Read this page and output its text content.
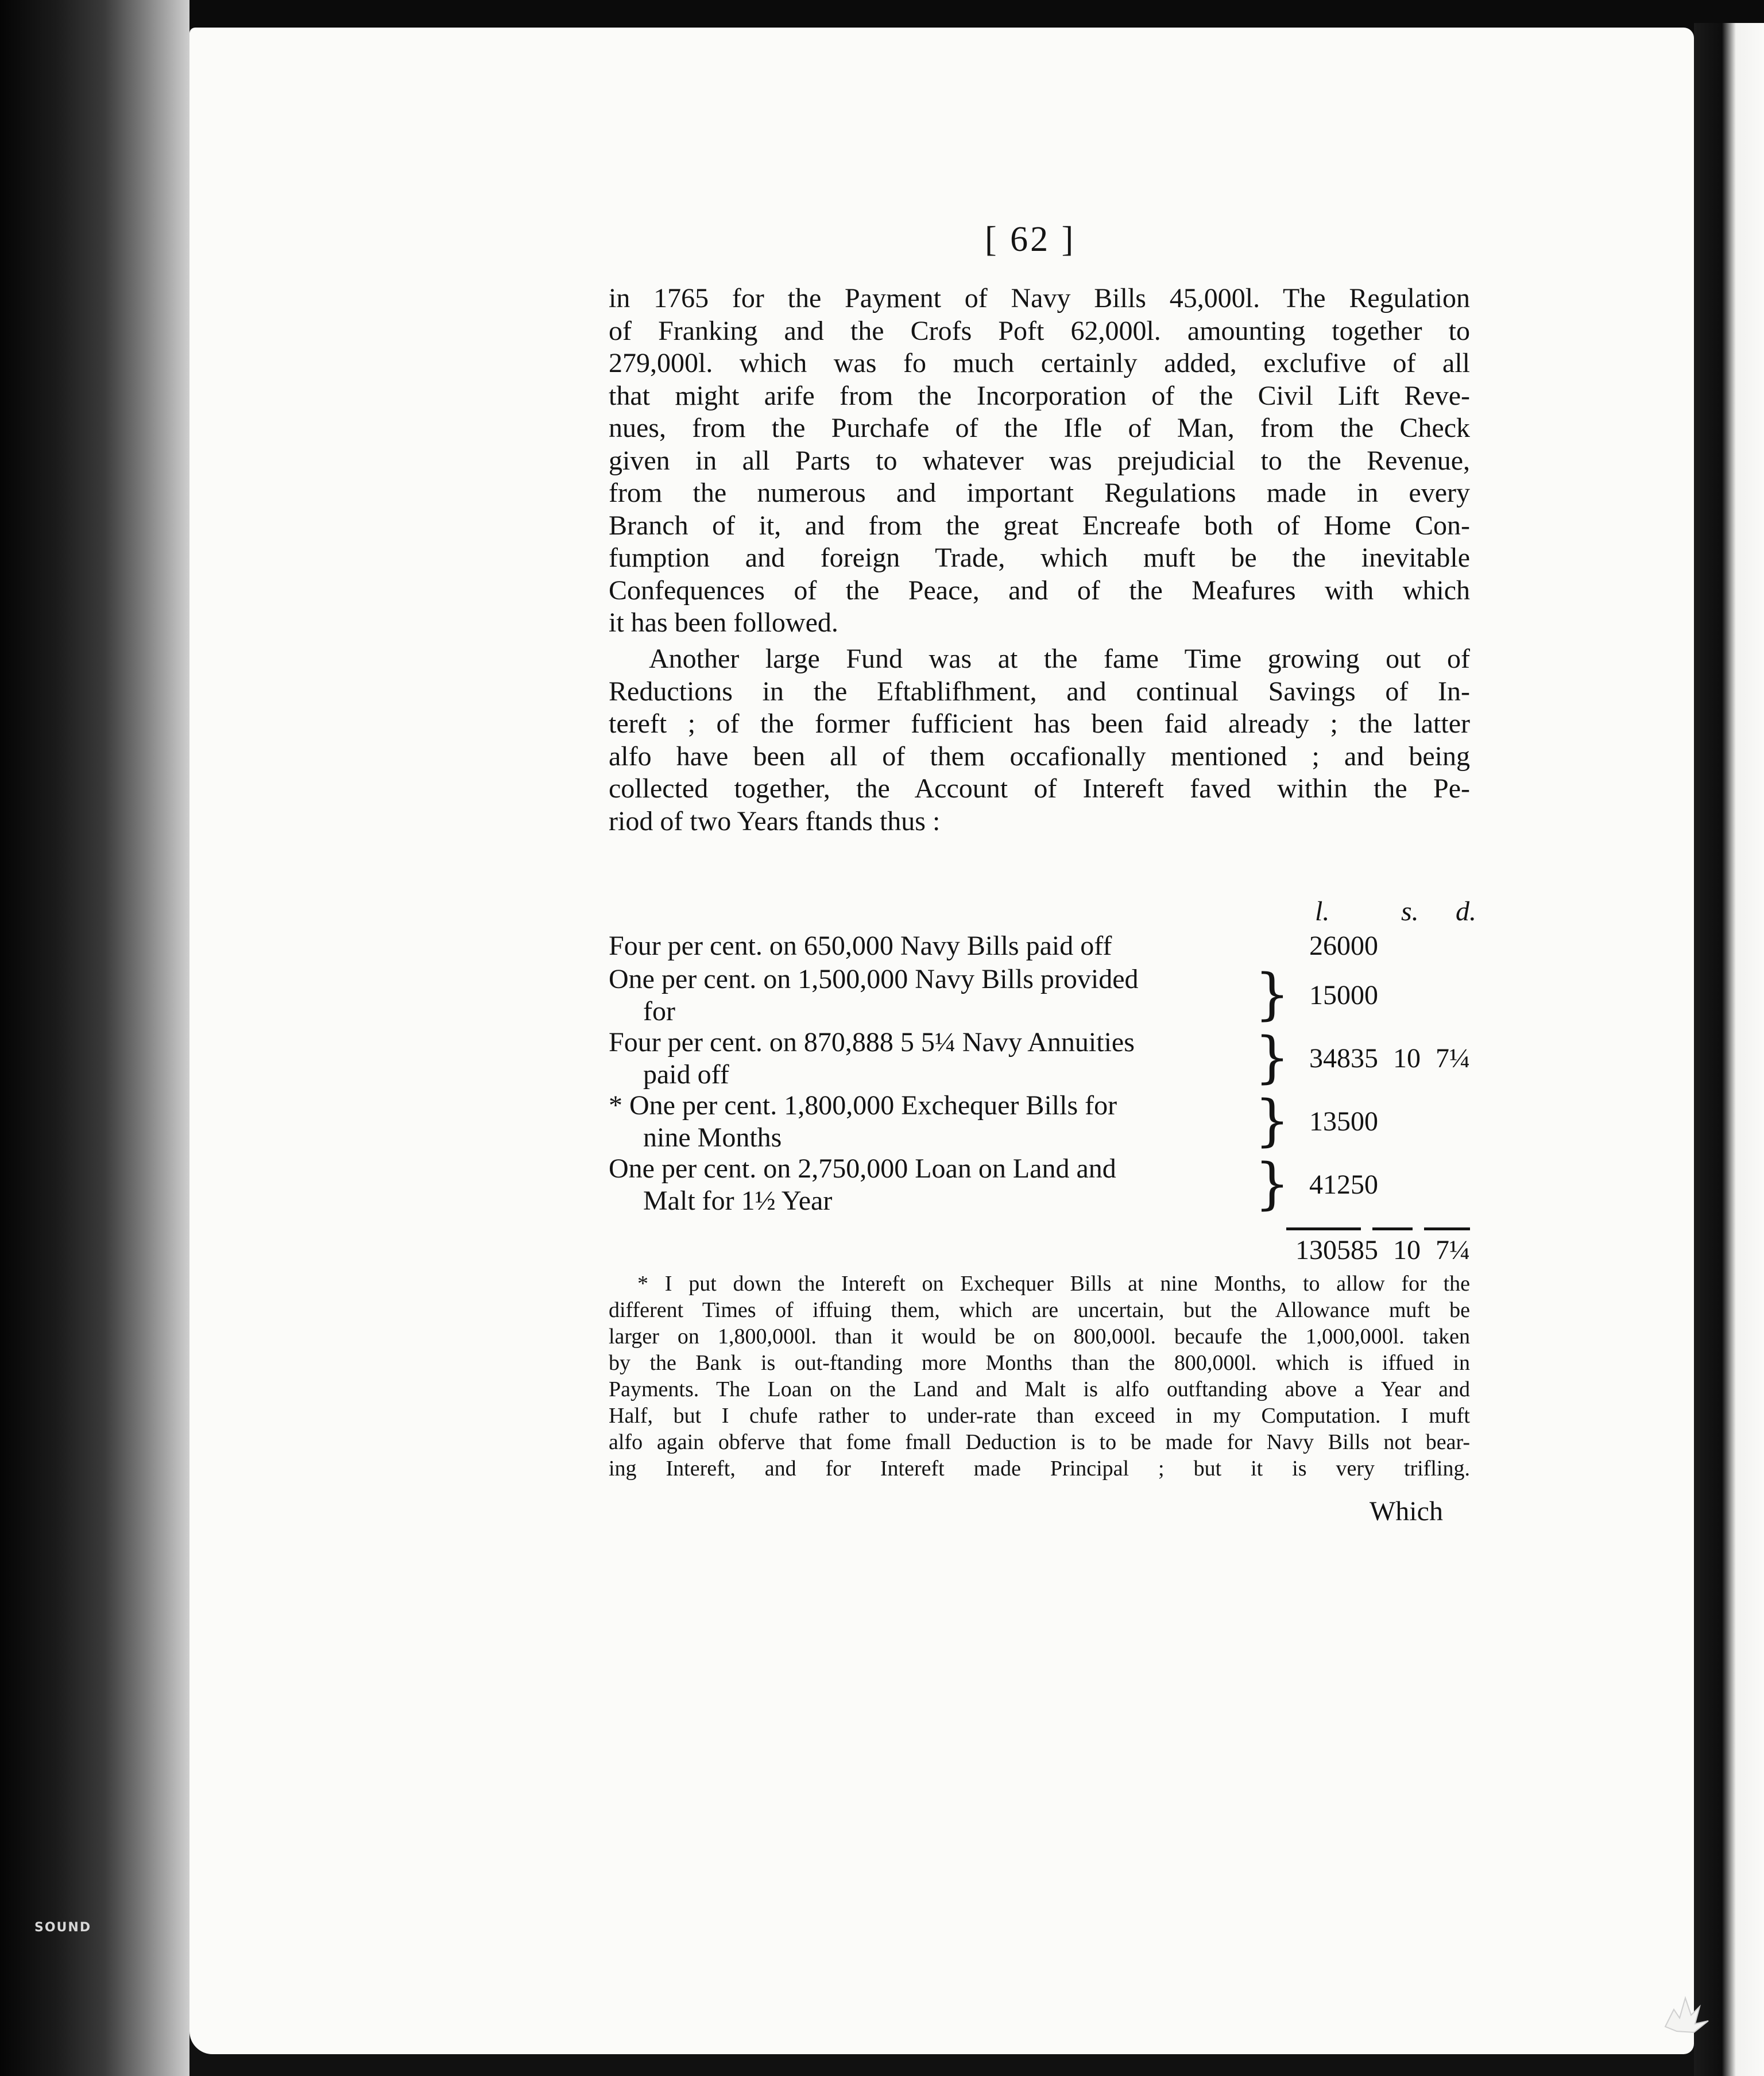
SOUND
[ 62 ]

in 1765 for the Payment of Navy Bills 45,000l. The Regulation
of Franking and the Crofs Poft 62,000l. amounting together to
279,000l. which was fo much certainly added, exclufive of all
that might arife from the Incorporation of the Civil Lift Reve-
nues, from the Purchafe of the Ifle of Man, from the Check
given in all Parts to whatever was prejudicial to the Revenue,
from the numerous and important Regulations made in every
Branch of it, and from the great Encreafe both of Home Con-
fumption and foreign Trade, which muft be the inevitable
Confequences of the Peace, and of the Meafures with which
it has been followed.

Another large Fund was at the fame Time growing out of
Reductions in the Eftablifhment, and continual Savings of In-
tereft ; of the former fufficient has been faid already ; the latter
alfo have been all of them occafionally mentioned ; and being
collected together, the Account of Intereft faved within the Pe-
riod of two Years ftands thus :

l.	s. d.
Four per cent. on 650,000 Navy Bills paid off	26000
One per cent. on 1,500,000 Navy Bills provided
for	} 15000
Four per cent. on 870,888 5 5¼ Navy Annuities
paid off	} 34835 10 7¼
* One per cent. 1,800,000 Exchequer Bills for
nine Months	} 13500
One per cent. on 2,750,000 Loan on Land and
Malt for 1½ Year	} 41250
130585 10 7¼
* I put down the Intereft on Exchequer Bills at nine Months, to allow for the
different Times of iffuing them, which are uncertain, but the Allowance muft be
larger on 1,800,000l. than it would be on 800,000l. becaufe the 1,000,000l. taken
by the Bank is out-ftanding more Months than the 800,000l. which is iffued in
Payments. The Loan on the Land and Malt is alfo outftanding above a Year and
Half, but I chufe rather to under-rate than exceed in my Computation. I muft
alfo again obferve that fome fmall Deduction is to be made for Navy Bills not bear-
ing Intereft, and for Intereft made Principal ; but it is very trifling.
Which
